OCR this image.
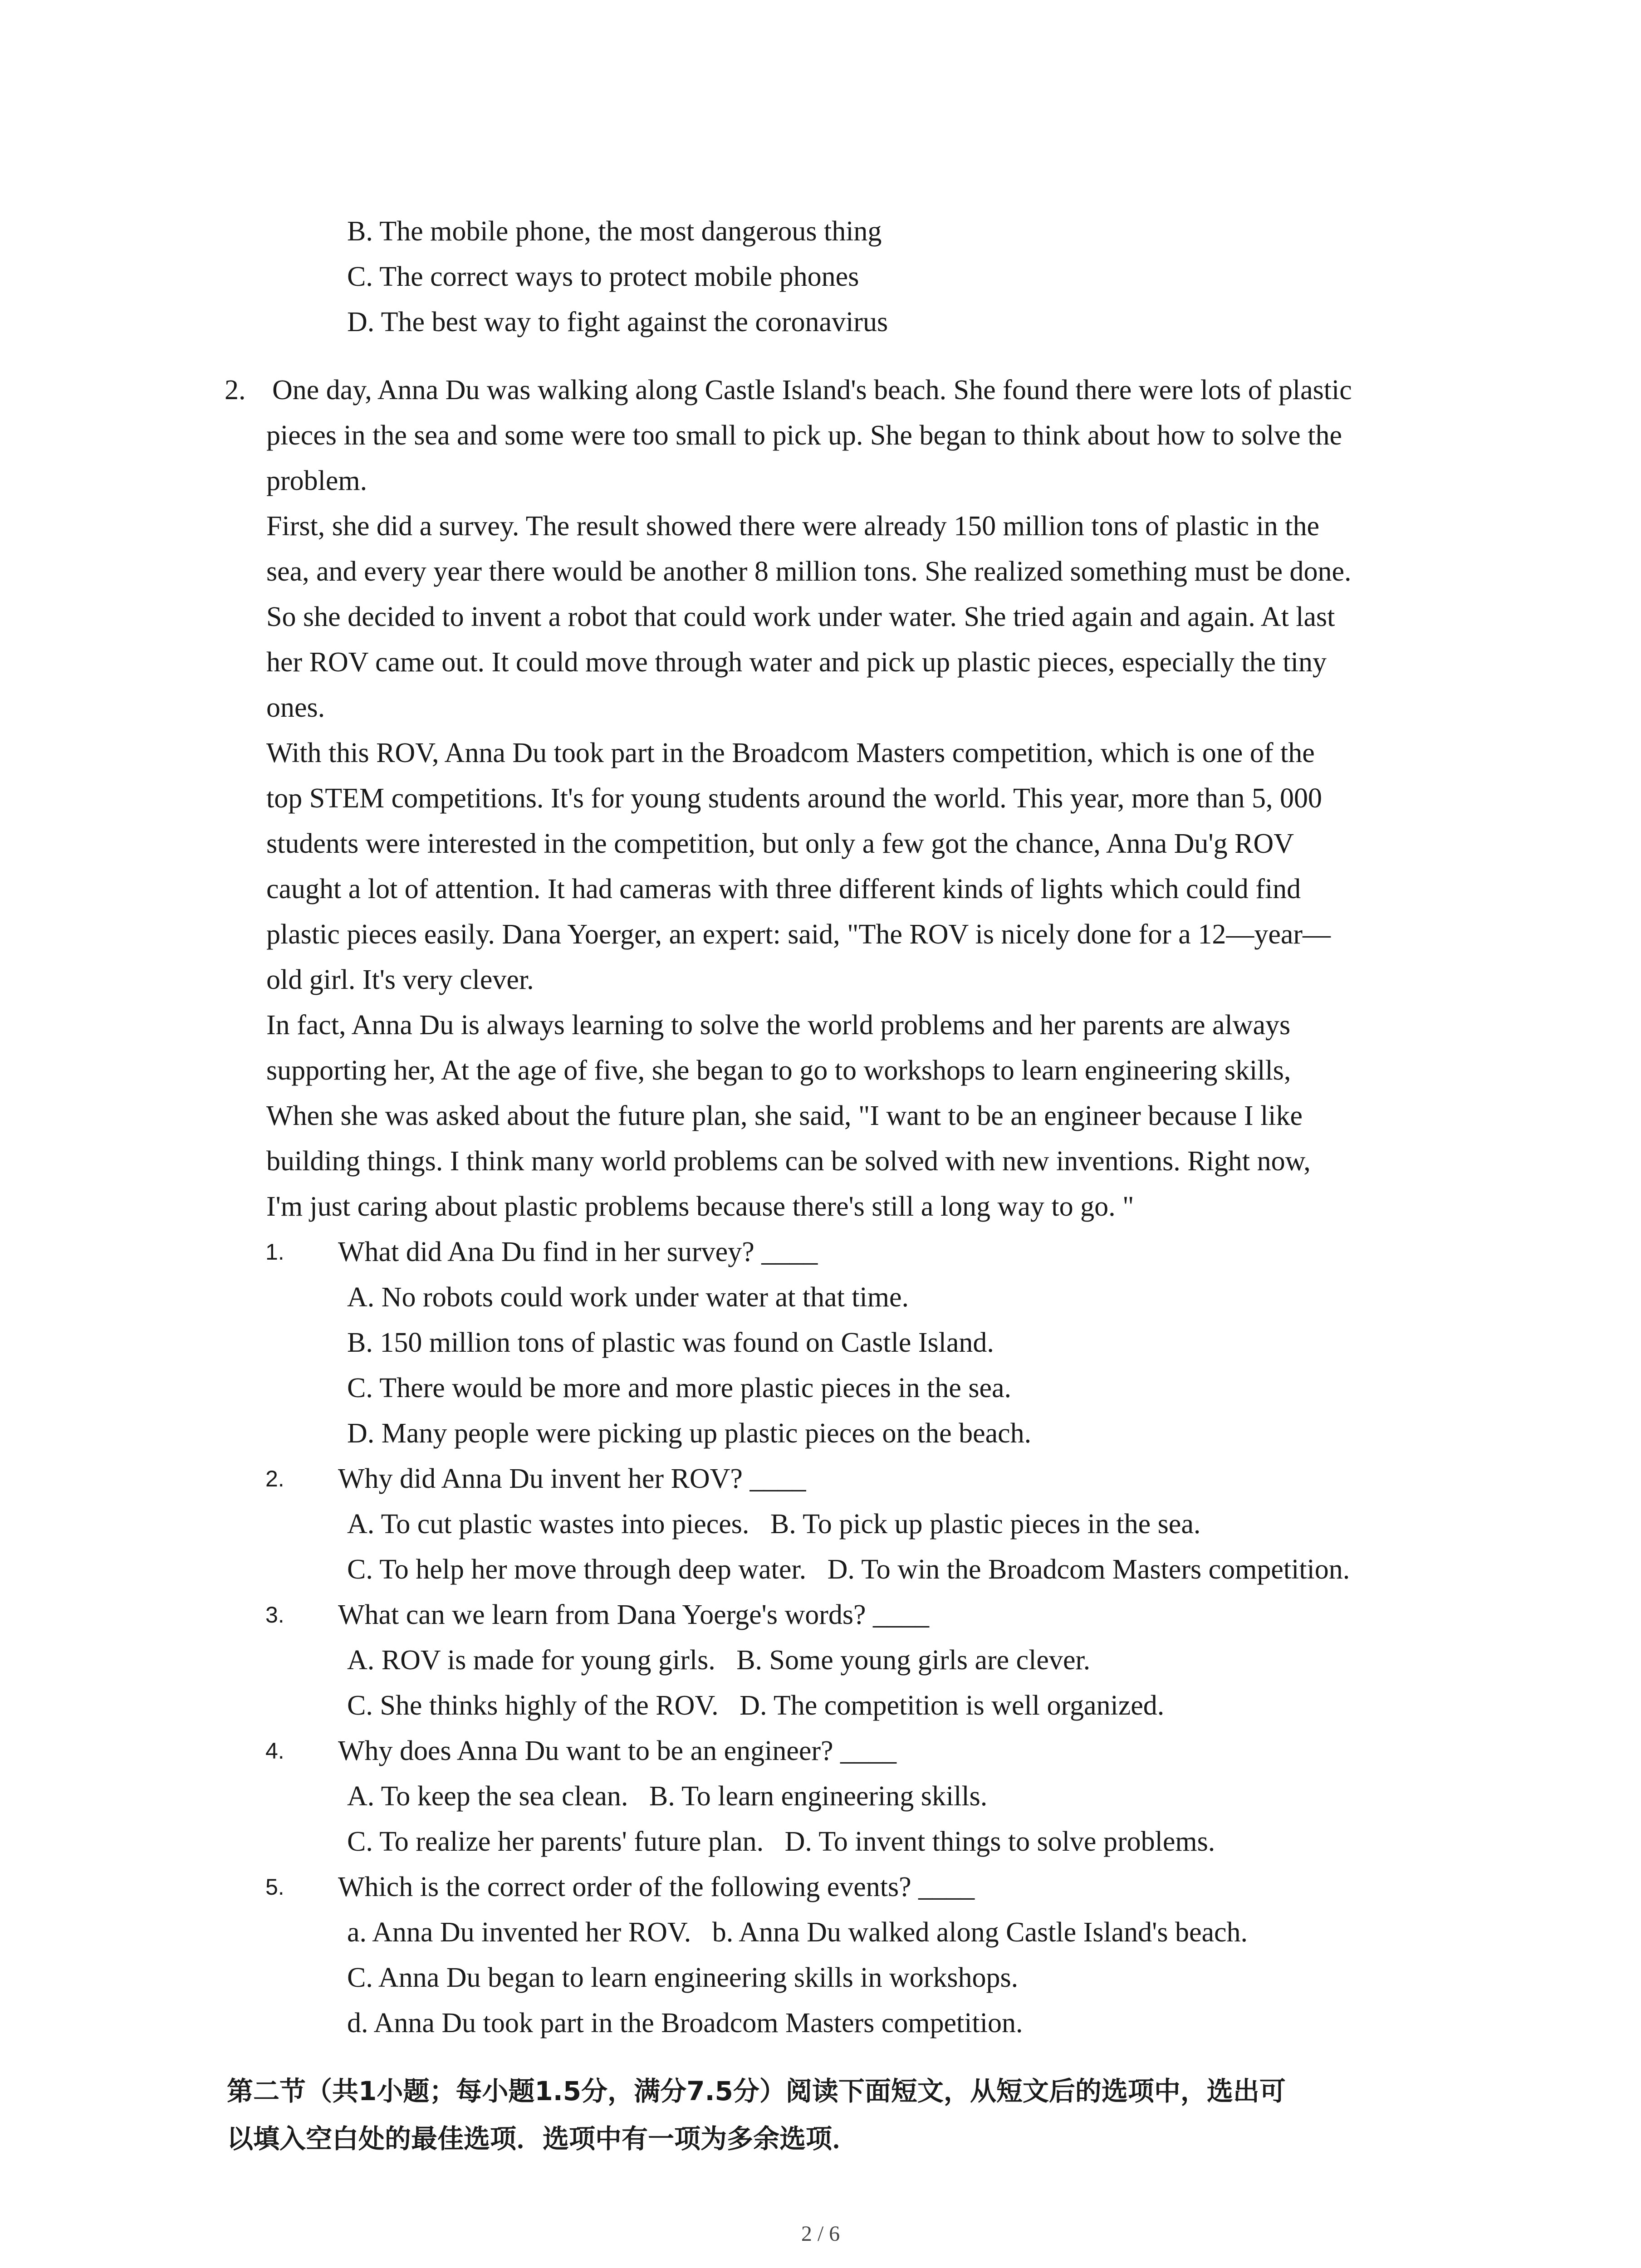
B. The mobile phone, the most dangerous thing
C. The correct ways to protect mobile phones
D. The best way to fight against the coronavirus
2. One day, Anna Du was walking along Castle Island's beach. She found there were lots of plastic
pieces in the sea and some were too small to pick up. She began to think about how to solve the
problem.
First, she did a survey. The result showed there were already 150 million tons of plastic in the
sea, and every year there would be another 8 million tons. She realized something must be done.
So she decided to invent a robot that could work under water. She tried again and again. At last
her ROV came out. It could move through water and pick up plastic pieces, especially the tiny
ones.
With this ROV, Anna Du took part in the Broadcom Masters competition, which is one of the
top STEM competitions. It's for young students around the world. This year, more than 5, 000
students were interested in the competition, but only a few got the chance, Anna Du'g ROV
caught a lot of attention. It had cameras with three different kinds of lights which could find
plastic pieces easily. Dana Yoerger, an expert: said, "The ROV is nicely done for a 12—year—
old girl. It's very clever.
In fact, Anna Du is always learning to solve the world problems and her parents are always
supporting her, At the age of five, she began to go to workshops to learn engineering skills,
When she was asked about the future plan, she said, "I want to be an engineer because I like
building things. I think many world problems can be solved with new inventions. Right now,
I'm just caring about plastic problems because there's still a long way to go. "
1. What did Ana Du find in her survey? ____
A. No robots could work under water at that time.
B. 150 million tons of plastic was found on Castle Island.
C. There would be more and more plastic pieces in the sea.
D. Many people were picking up plastic pieces on the beach.
2. Why did Anna Du invent her ROV? ____
A. To cut plastic wastes into pieces.   B. To pick up plastic pieces in the sea.
C. To help her move through deep water.   D. To win the Broadcom Masters competition.
3. What can we learn from Dana Yoerge's words? ____
A. ROV is made for young girls.   B. Some young girls are clever.
C. She thinks highly of the ROV.   D. The competition is well organized.
4. Why does Anna Du want to be an engineer? ____
A. To keep the sea clean.   B. To learn engineering skills.
C. To realize her parents' future plan.   D. To invent things to solve problems.
5. Which is the correct order of the following events? ____
a. Anna Du invented her ROV.   b. Anna Du walked along Castle Island's beach.
C. Anna Du began to learn engineering skills in workshops.
d. Anna Du took part in the Broadcom Masters competition.
第二节（共1小题；每小题1.5分，满分7.5分）阅读下面短文，从短文后的选项中，选出可
以填入空白处的最佳选项．选项中有一项为多余选项．
2 / 6
